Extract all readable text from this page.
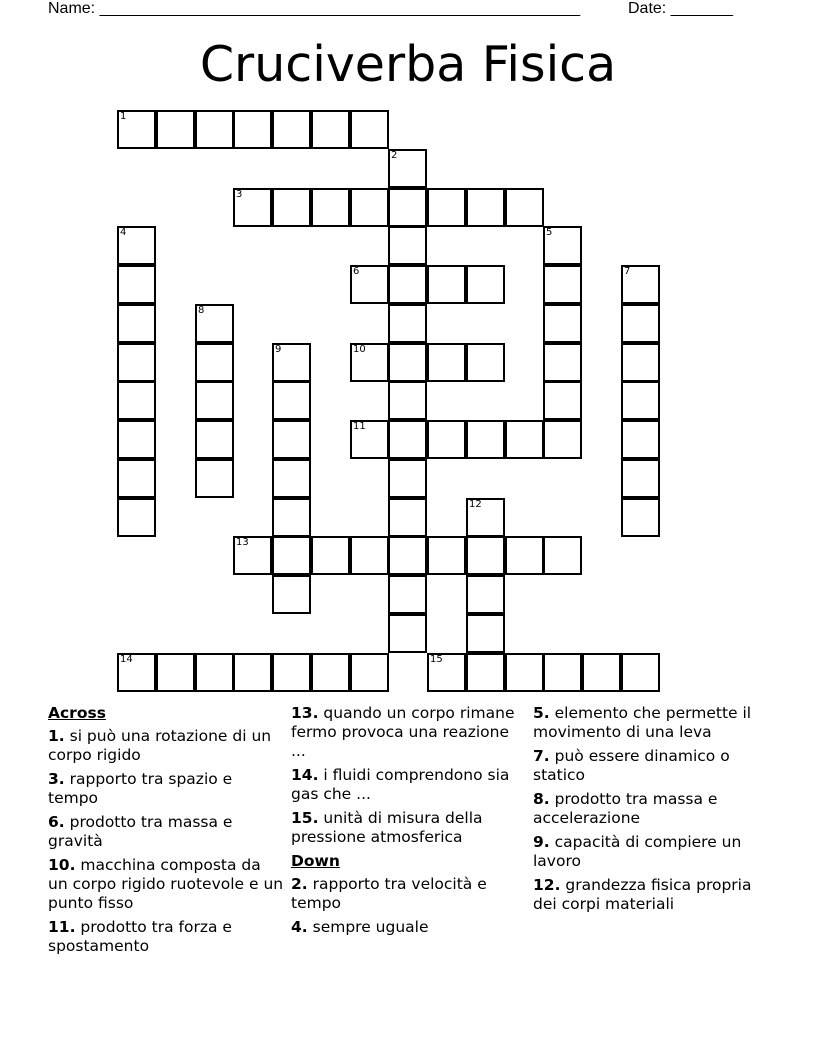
Name: ______________________________________________________	Date: _______
Cruciverba Fisica
1
2
3
4	5
6	7
8
9	10
11
12
13
14	15
Across
1. si può una rotazione di un corpo rigido
3. rapporto tra spazio e tempo
6. prodotto tra massa e gravità
10. macchina composta da un corpo rigido ruotevole e un punto fisso
11. prodotto tra forza e spostamento
13. quando un corpo rimane fermo provoca una reazione ...
14. i fluidi comprendono sia gas che ...
15. unità di misura della pressione atmosferica
Down
2. rapporto tra velocità e tempo
4. sempre uguale
5. elemento che permette il movimento di una leva
7. può essere dinamico o statico
8. prodotto tra massa e accelerazione
9. capacità di compiere un lavoro
12. grandezza fisica propria dei corpi materiali
